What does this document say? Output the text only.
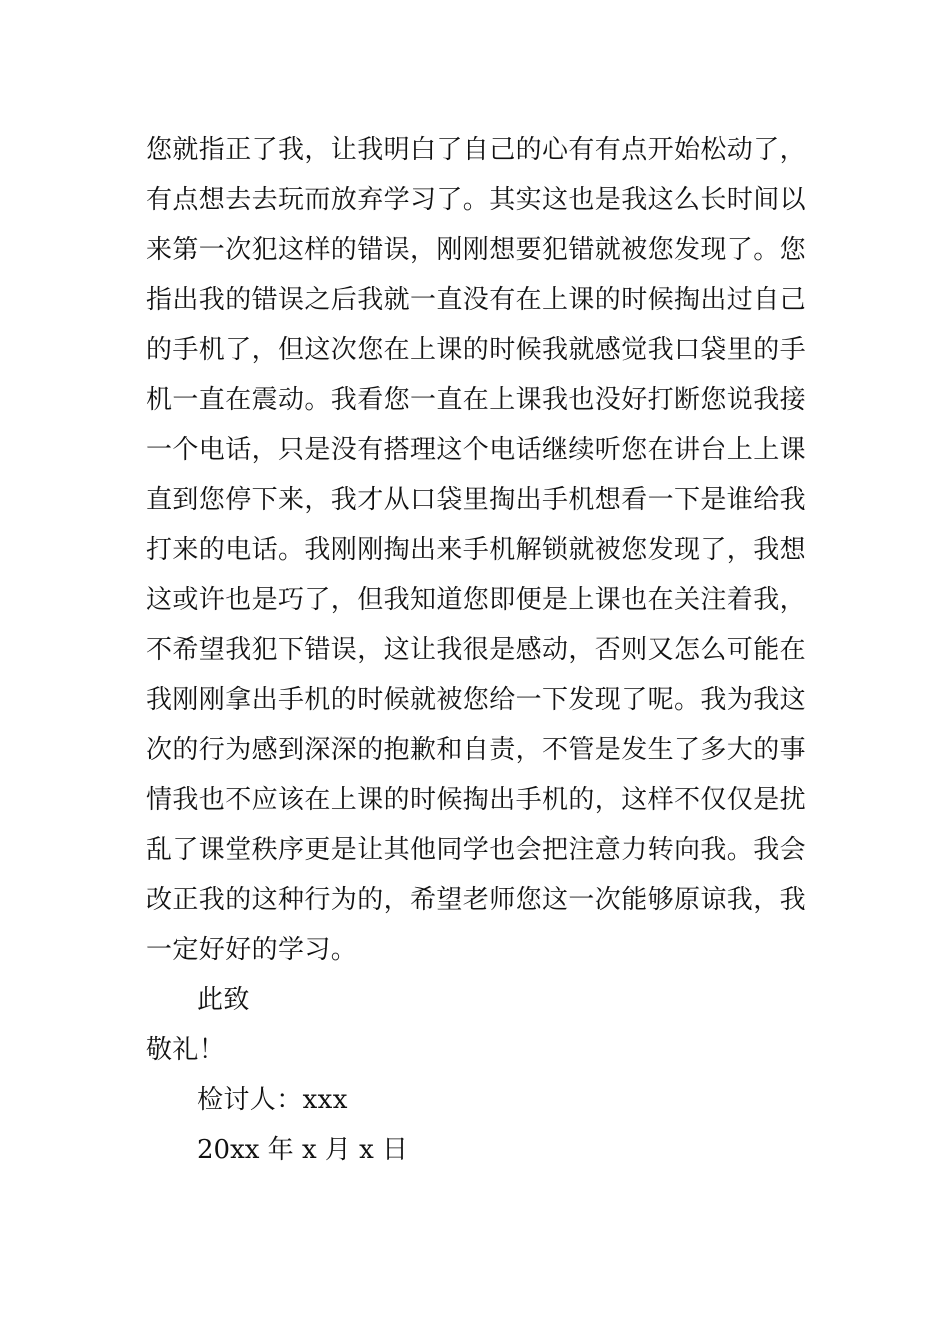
您就指正了我，让我明白了自己的心有有点开始松动了，
有点想去去玩而放弃学习了。其实这也是我这么长时间以
来第一次犯这样的错误，刚刚想要犯错就被您发现了。您
指出我的错误之后我就一直没有在上课的时候掏出过自己
的手机了，但这次您在上课的时候我就感觉我口袋里的手
机一直在震动。我看您一直在上课我也没好打断您说我接
一个电话，只是没有搭理这个电话继续听您在讲台上上课
直到您停下来，我才从口袋里掏出手机想看一下是谁给我
打来的电话。我刚刚掏出来手机解锁就被您发现了，我想
这或许也是巧了，但我知道您即便是上课也在关注着我，
不希望我犯下错误，这让我很是感动，否则又怎么可能在
我刚刚拿出手机的时候就被您给一下发现了呢。我为我这
次的行为感到深深的抱歉和自责，不管是发生了多大的事
情我也不应该在上课的时候掏出手机的，这样不仅仅是扰
乱了课堂秩序更是让其他同学也会把注意力转向我。我会
改正我的这种行为的，希望老师您这一次能够原谅我，我
一定好好的学习。
此致
敬礼！
检讨人：xxx
20xx 年 x 月 x 日
